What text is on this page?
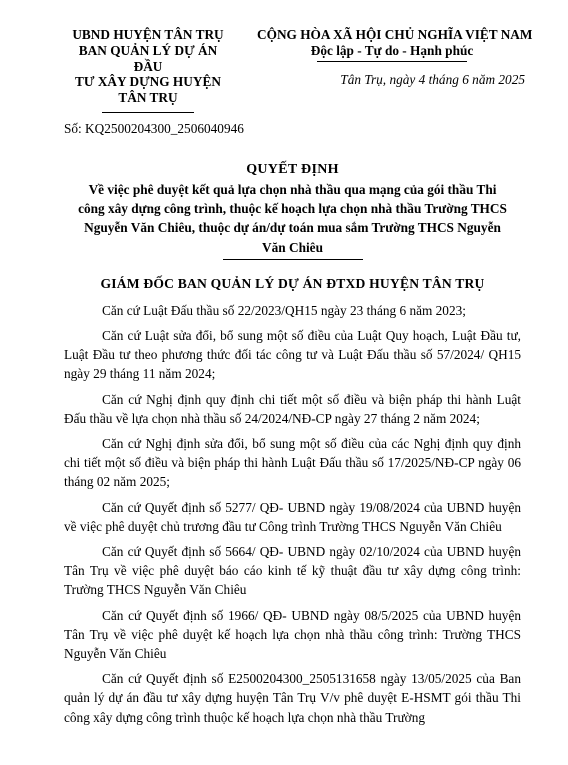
UBND HUYỆN TÂN TRỤ
BAN QUẢN LÝ DỰ ÁN ĐẦU
TƯ XÂY DỰNG HUYỆN
TÂN TRỤ
CỘNG HÒA XÃ HỘI CHỦ NGHĨA VIỆT NAM
Độc lập - Tự do - Hạnh phúc
Tân Trụ, ngày 4 tháng 6 năm 2025
Số: KQ2500204300_2506040946
QUYẾT ĐỊNH
Về việc phê duyệt kết quả lựa chọn nhà thầu qua mạng của gói thầu Thi
công xây dựng công trình, thuộc kế hoạch lựa chọn nhà thầu Trường THCS
Nguyễn Văn Chiêu, thuộc dự án/dự toán mua sắm Trường THCS Nguyễn
Văn Chiêu
GIÁM ĐỐC BAN QUẢN LÝ DỰ ÁN ĐTXD HUYỆN TÂN TRỤ

Căn cứ Luật Đấu thầu số 22/2023/QH15 ngày 23 tháng 6 năm 2023;

Căn cứ Luật sửa đổi, bổ sung một số điều của Luật Quy hoạch, Luật Đầu tư, Luật Đầu tư theo phương thức đối tác công tư và Luật Đấu thầu số 57/2024/ QH15 ngày 29 tháng 11 năm 2024;

Căn cứ Nghị định quy định chi tiết một số điều và biện pháp thi hành Luật Đấu thầu về lựa chọn nhà thầu số 24/2024/NĐ-CP ngày 27 tháng 2 năm 2024;

Căn cứ Nghị định sửa đổi, bổ sung một số điều của các Nghị định quy định chi tiết một số điều và biện pháp thi hành Luật Đấu thầu số 17/2025/NĐ-CP ngày 06 tháng 02 năm 2025;

Căn cứ Quyết định số 5277/ QĐ- UBND ngày 19/08/2024 của UBND huyện về việc phê duyệt chủ trương đầu tư Công trình Trường THCS Nguyễn Văn Chiêu

Căn cứ Quyết định số 5664/ QĐ- UBND ngày 02/10/2024 của UBND huyện Tân Trụ về việc phê duyệt báo cáo kinh tế kỹ thuật đầu tư xây dựng công trình: Trường THCS Nguyễn Văn Chiêu

Căn cứ Quyết định số 1966/ QĐ- UBND ngày 08/5/2025 của UBND huyện Tân Trụ về việc phê duyệt kế hoạch lựa chọn nhà thầu công trình: Trường THCS Nguyễn Văn Chiêu

Căn cứ Quyết định số E2500204300_2505131658 ngày 13/05/2025 của Ban quản lý dự án đầu tư xây dựng huyện Tân Trụ V/v phê duyệt E-HSMT gói thầu Thi công xây dựng công trình thuộc kế hoạch lựa chọn nhà thầu Trường
